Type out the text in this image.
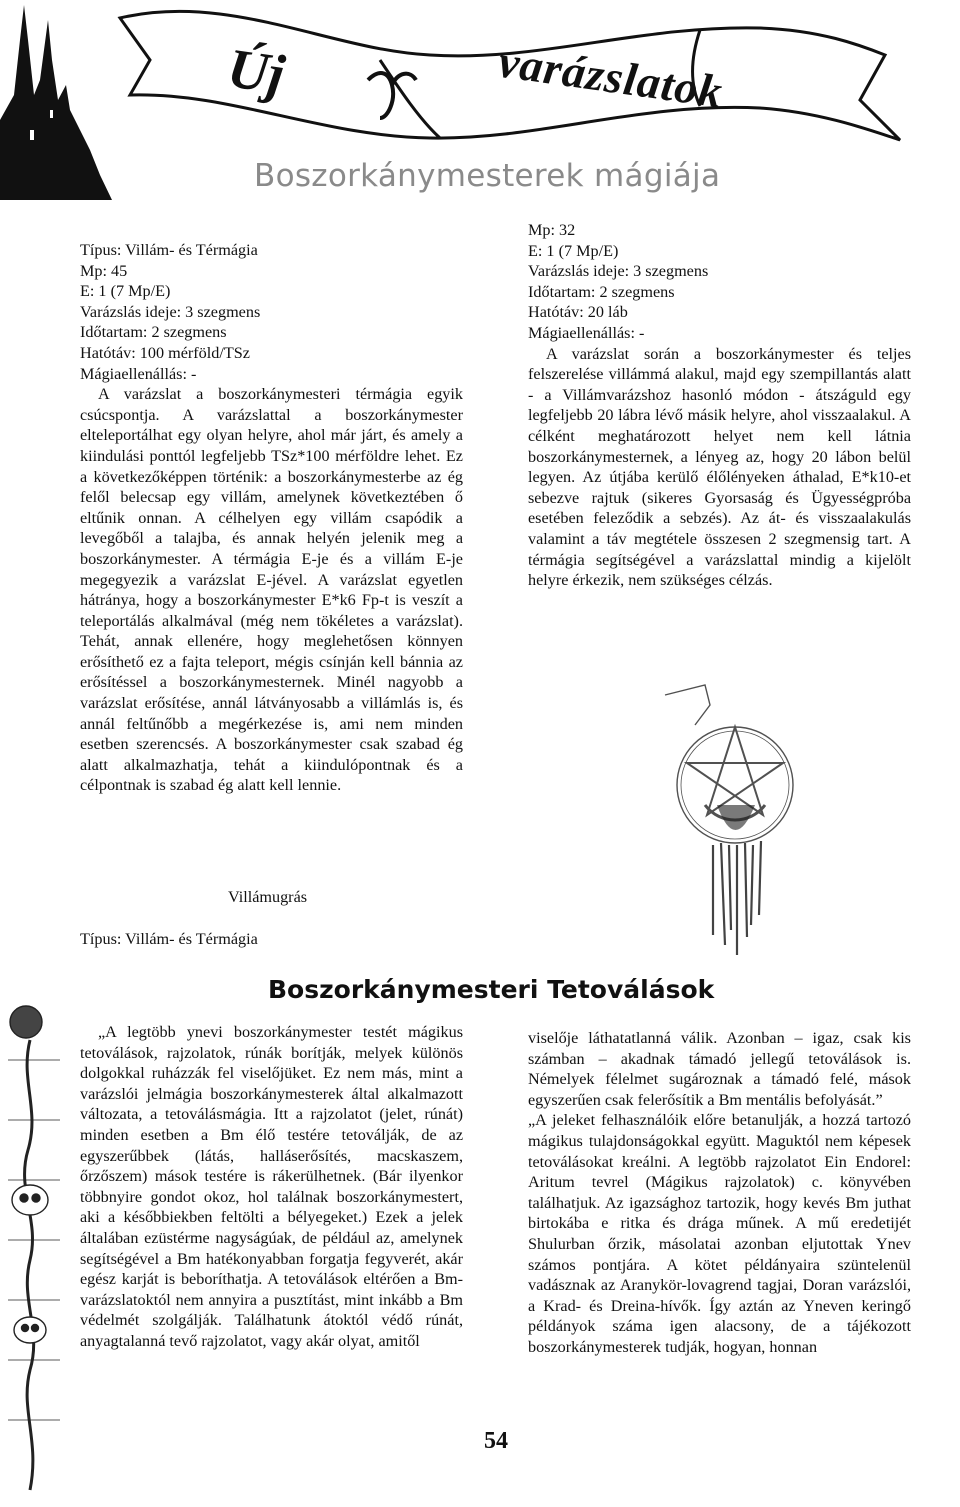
Új	varázslatok
Boszorkánymesterek mágiája

Típus: Villám- és Térmágia

Mp: 45

E: 1 (7 Mp/E)

Varázslás ideje: 3 szegmens

Időtartam: 2 szegmens

Hatótáv: 100 mérföld/TSz

Mágiaellenállás: -

A varázslat a boszorkánymesteri térmágia egyik csúcspontja. A varázslattal a boszorkánymester elteleportálhat egy olyan helyre, ahol már járt, és amely a kiindulási ponttól legfeljebb TSz*100 mérföldre lehet. Ez a következőképpen történik: a boszorkánymesterbe az ég felől belecsap egy villám, amelynek következtében ő eltűnik onnan. A célhelyen egy villám csapódik a levegőből a talajba, és annak helyén jelenik meg a boszorkánymester. A térmágia E-je és a villám E-je megegyezik a varázslat E-jével. A varázslat egyetlen hátránya, hogy a boszorkánymester E*k6 Fp-t is veszít a teleportálás alkalmával (még nem tökéletes a varázslat). Tehát, annak ellenére, hogy meglehetősen könnyen erősíthető ez a fajta teleport, mégis csínján kell bánnia az erősítéssel a boszorkánymesternek. Minél nagyobb a varázslat erősítése, annál látványosabb a villámlás is, és annál feltűnőbb a megérkezése is, ami nem minden esetben szerencsés. A boszorkánymester csak szabad ég alatt alkalmazhatja, tehát a kiindulópontnak és a célpontnak is szabad ég alatt kell lennie.

Mp: 32

E: 1 (7 Mp/E)

Varázslás ideje: 3 szegmens

Időtartam: 2 szegmens

Hatótáv: 20 láb

Mágiaellenállás: -

A varázslat során a boszorkánymester és teljes felszerelése villámmá alakul, majd egy szempillantás alatt - a Villámvarázshoz hasonló módon - átszáguld egy legfeljebb 20 lábra lévő másik helyre, ahol visszaalakul. A célként meghatározott helyet nem kell látnia boszorkánymesternek, a lényeg az, hogy 20 lábon belül legyen. Az útjába kerülő élőlényeken áthalad, E*k10-et sebezve rajtuk (sikeres Gyorsaság és Ügyességpróba esetében feleződik a sebzés). Az át- és visszaalakulás valamint a táv megtétele összesen 2 szegmensig tart. A térmágia segítségével a varázslattal mindig a kijelölt helyre érkezik, nem szükséges célzás.

Villámugrás
Típus: Villám- és Térmágia
Boszorkánymesteri Tetoválások

„A legtöbb ynevi boszorkánymester testét mágikus tetoválások, rajzolatok, rúnák borítják, melyek különös dolgokkal ruházzák fel viselőjüket. Ez nem más, mint a varázslói jelmágia boszorkánymesterek által alkalmazott változata, a tetoválásmágia. Itt a rajzolatot (jelet, rúnát) minden esetben a Bm élő testére tetoválják, de az egyszerűbbek (látás, halláserősítés, macskaszem, őrzőszem) mások testére is rákerülhetnek. (Bár ilyenkor többnyire gondot okoz, hol találnak boszorkánymestert, aki a későbbiekben feltölti a bélyegeket.) Ezek a jelek általában ezüstérme nagyságúak, de például az, amelynek segítségével a Bm hatékonyabban forgatja fegyverét, akár egész karját is beboríthatja. A tetoválások eltérően a Bm-varázslatoktól nem annyira a pusztítást, mint inkább a Bm védelmét szolgálják. Találhatunk átoktól védő rúnát, anyagtalanná tevő rajzolatot, vagy akár olyat, amitől

viselője láthatatlanná válik. Azonban – igaz, csak kis számban – akadnak támadó jellegű tetoválások is. Némelyek félelmet sugároznak a támadó felé, mások egyszerűen csak felerősítik a Bm mentális befolyását.”

„A jeleket felhasználóik előre betanulják, a hozzá tartozó mágikus tulajdonságokkal együtt. Maguktól nem képesek tetoválásokat kreálni. A legtöbb rajzolatot Ein Endorel: Aritum tevrel (Mágikus rajzolatok) c. könyvében találhatjuk. Az igazsághoz tartozik, hogy kevés Bm juthat birtokába e ritka és drága műnek. A mű eredetijét Shulurban őrzik, másolatai azonban eljutottak Ynev számos pontjára. A kötet példányaira szüntelenül vadásznak az Aranykör-lovagrend tagjai, Doran varázslói, a Krad- és Dreina-hívők. Így aztán az Yneven keringő példányok száma igen alacsony, de a tájékozott boszorkánymesterek tudják, hogyan, honnan

54
